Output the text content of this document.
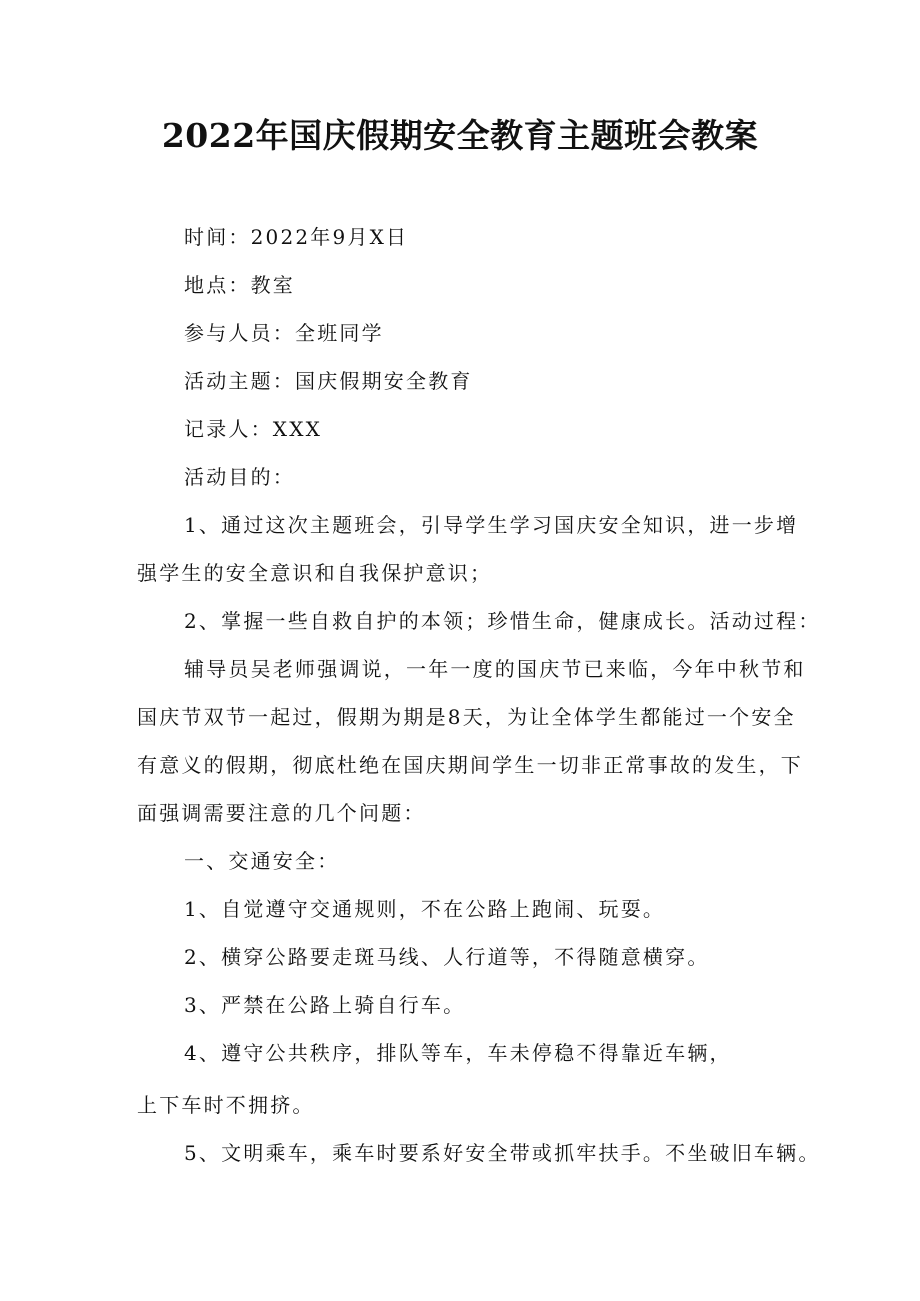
2022年国庆假期安全教育主题班会教案
时间：2022年9月X日
地点：教室
参与人员：全班同学
活动主题：国庆假期安全教育
记录人：XXX
活动目的：
1、通过这次主题班会，引导学生学习国庆安全知识，进一步增
强学生的安全意识和自我保护意识；
2、掌握一些自救自护的本领；珍惜生命，健康成长。活动过程：
辅导员吴老师强调说，一年一度的国庆节已来临，今年中秋节和
国庆节双节一起过，假期为期是8天，为让全体学生都能过一个安全
有意义的假期，彻底杜绝在国庆期间学生一切非正常事故的发生，下
面强调需要注意的几个问题：
一、交通安全：
1、自觉遵守交通规则，不在公路上跑闹、玩耍。
2、横穿公路要走斑马线、人行道等，不得随意横穿。
3、严禁在公路上骑自行车。
4、遵守公共秩序，排队等车，车未停稳不得靠近车辆，
上下车时不拥挤。
5、文明乘车，乘车时要系好安全带或抓牢扶手。不坐破旧车辆。
